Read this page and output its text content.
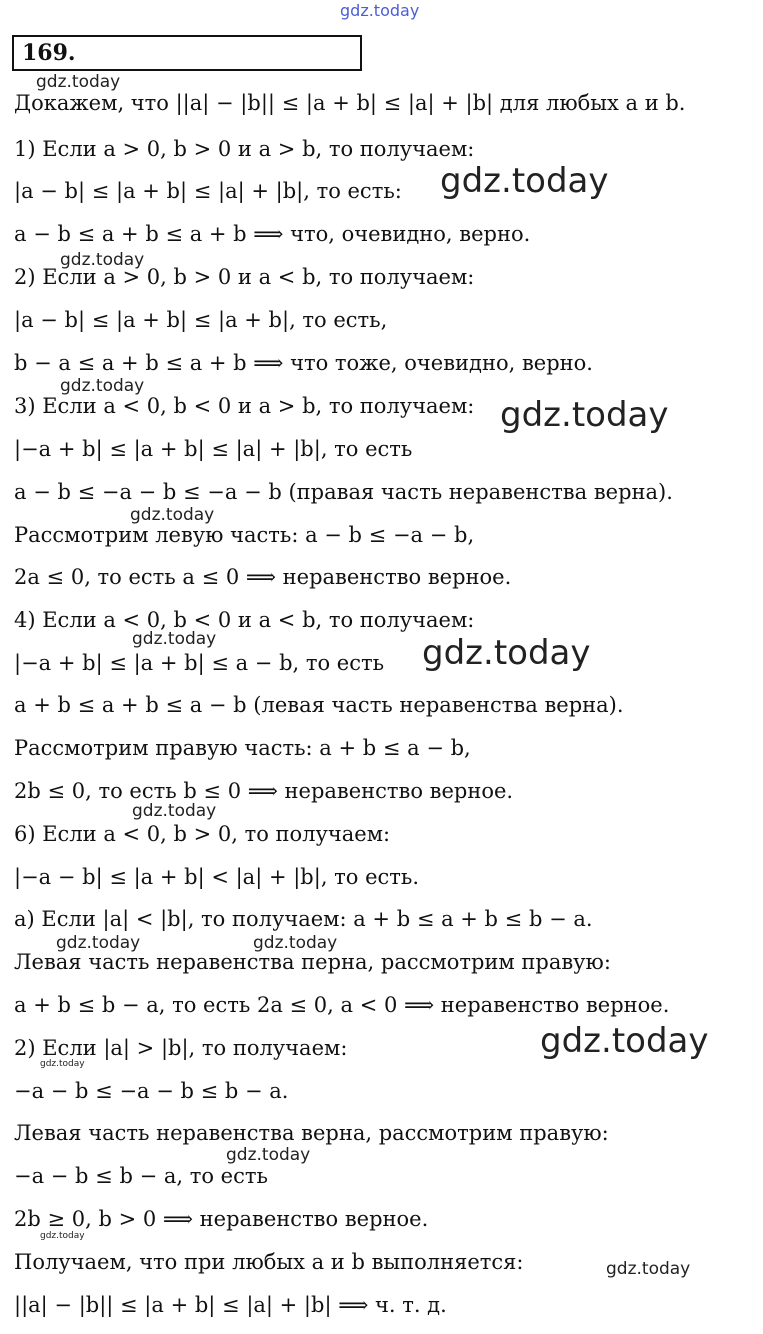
169.
Докажем, что ||a| − |b|| ≤ |a + b| ≤ |a| + |b| для любых a и b.
1) Если a > 0, b > 0 и a > b, то получаем:
|a − b| ≤ |a + b| ≤ |a| + |b|, то есть:
a − b ≤ a + b ≤ a + b ⟹ что, очевидно, верно.
2) Если a > 0, b > 0 и a < b, то получаем:
|a − b| ≤ |a + b| ≤ |a + b|, то есть,
b − a ≤ a + b ≤ a + b ⟹ что тоже, очевидно, верно.
3) Если a < 0, b < 0 и a > b, то получаем:
|−a + b| ≤ |a + b| ≤ |a| + |b|, то есть
a − b ≤ −a − b ≤ −a − b (правая часть неравенства верна).
Рассмотрим левую часть: a − b ≤ −a − b,
2a ≤ 0, то есть a ≤ 0 ⟹ неравенство верное.
4) Если a < 0, b < 0 и a < b, то получаем:
|−a + b| ≤ |a + b| ≤ a − b, то есть
a + b ≤ a + b ≤ a − b (левая часть неравенства верна).
Рассмотрим правую часть: a + b ≤ a − b,
2b ≤ 0, то есть b ≤ 0 ⟹ неравенство верное.
6) Если a < 0, b > 0, то получаем:
|−a − b| ≤ |a + b| < |a| + |b|, то есть.
а) Если |a| < |b|, то получаем: a + b ≤ a + b ≤ b − a.
Левая часть неравенства перна, рассмотрим правую:
a + b ≤ b − a, то есть 2a ≤ 0, a < 0 ⟹ неравенство верное.
2) Если |a| > |b|, то получаем:
−a − b ≤ −a − b ≤ b − a.
Левая часть неравенства верна, рассмотрим правую:
−a − b ≤ b − a, то есть
2b ≥ 0, b > 0 ⟹ неравенство верное.
Получаем, что при любых a и b выполняется:
||a| − |b|| ≤ |a + b| ≤ |a| + |b| ⟹ ч. т. д.
gdz.today
gdz.today
gdz.today
gdz.today
gdz.today
gdz.today
gdz.today
gdz.today	gdz.today
gdz.today
gdz.today	gdz.today
gdz.today
gdz.today
gdz.today
gdz.today
gdz.today
